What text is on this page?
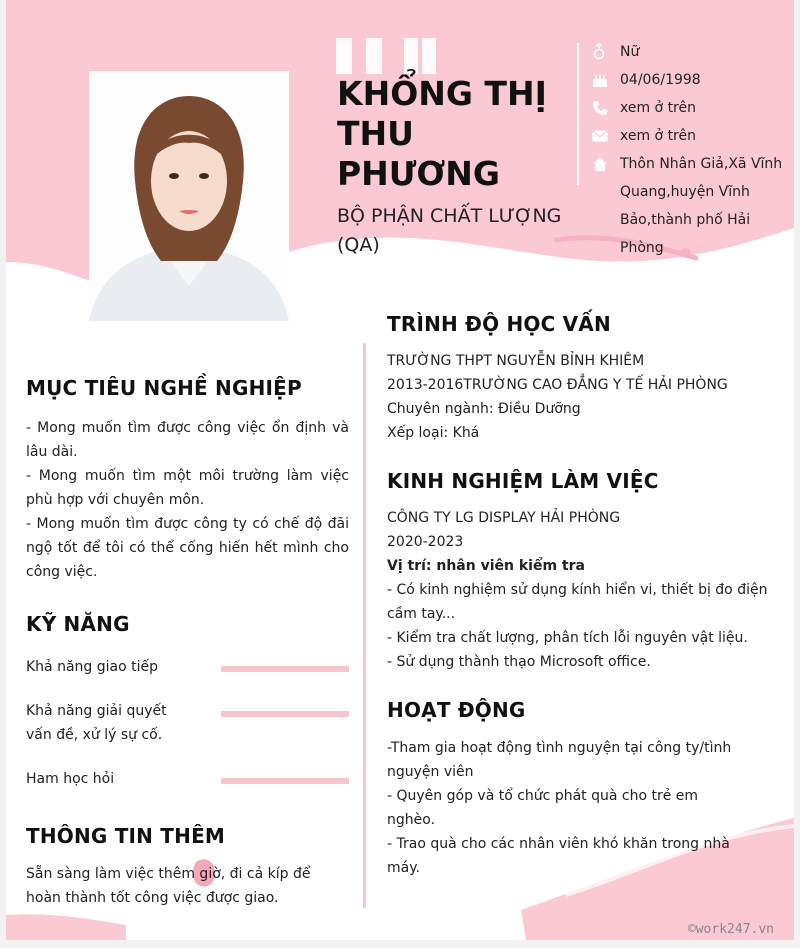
KHỔNG THỊ
THU
PHƯƠNG
BỘ PHẬN CHẤT LƯỢNG
(QA)
Nữ
04/06/1998
xem ở trên
xem ở trên
Thôn Nhân Giả,Xã Vĩnh
Quang,huyện Vĩnh
Bảo,thành phố Hải Phòng
MỤC TIÊU NGHỀ NGHIỆP
- Mong muốn tìm được công việc ổn định và lâu dài.
- Mong muốn tìm một môi trường làm việc phù hợp với chuyên môn.
- Mong muốn tìm được công ty có chế độ đãi ngộ tốt để tôi có thể cống hiến hết mình cho công việc.
KỸ NĂNG
Khả năng giao tiếp
Khả năng giải quyết vấn đề, xử lý sự cố.
Ham học hỏi
THÔNG TIN THÊM
Sẵn sàng làm việc thêm giờ, đi cả kíp để hoàn thành tốt công việc được giao.
TRÌNH ĐỘ HỌC VẤN
TRƯỜNG THPT NGUYỄN BỈNH KHIÊM
2013-2016TRƯỜNG CAO ĐẲNG Y TẾ HẢI PHÒNG
Chuyên ngành: Điều Dưỡng
Xếp loại: Khá
KINH NGHIỆM LÀM VIỆC
CÔNG TY LG DISPLAY HẢI PHÒNG
2020-2023
Vị trí: nhân viên kiểm tra
- Có kinh nghiệm sử dụng kính hiển vi, thiết bị đo điện cầm tay...
- Kiểm tra chất lượng, phân tích lỗi nguyên vật liệu.
- Sử dụng thành thạo Microsoft office.
HOẠT ĐỘNG
-Tham gia hoạt động tình nguyện tại công ty/tình nguyện viên
- Quyên góp và tổ chức phát quà cho trẻ em nghèo.
- Trao quà cho các nhân viên khó khăn trong nhà máy.
©work247.vn
